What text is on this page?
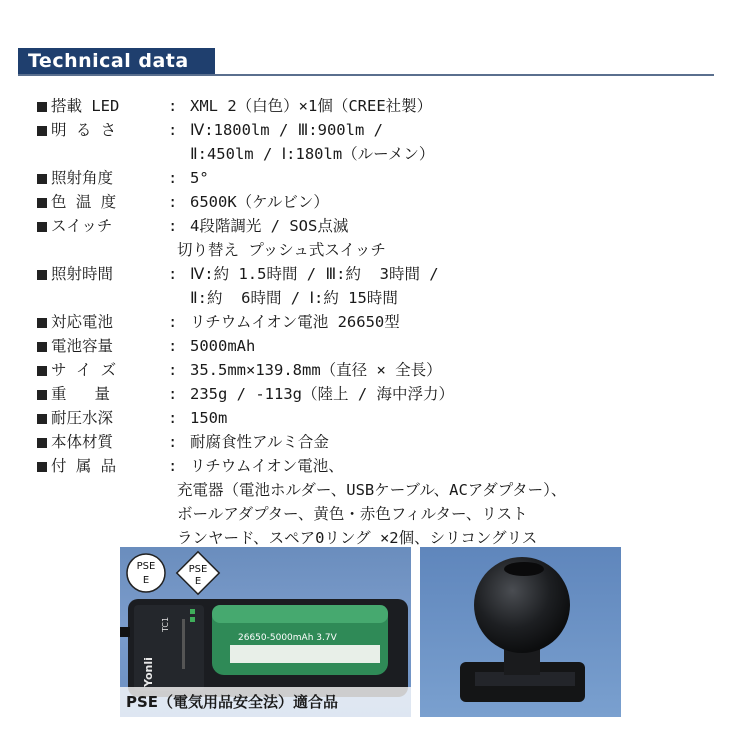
Technical data
搭載 LED	: XML 2（白色）×1個（CREE社製）
明 る さ	: Ⅳ:1800lm / Ⅲ:900lm /
Ⅱ:450lm / Ⅰ:180lm（ルーメン）
照射角度	: 5°
色 温 度	: 6500K（ケルビン）
スイッチ	: 4段階調光 / SOS点滅
切り替え プッシュ式スイッチ
照射時間	: Ⅳ:約 1.5時間 / Ⅲ:約  3時間 /
Ⅱ:約  6時間 / Ⅰ:約 15時間
対応電池	: リチウムイオン電池 26650型
電池容量	: 5000mAh
サ イ ズ	: 35.5mm×139.8mm（直径 × 全長）
重   量	: 235g / -113g（陸上 / 海中浮力）
耐圧水深	: 150m
本体材質	: 耐腐食性アルミ合金
付 属 品	: リチウムイオン電池、
充電器（電池ホルダー、USBケーブル、ACアダプター）、
ボールアダプター、黄色・赤色フィルター、リスト
ランヤード、スペア0リング ×2個、シリコングリス
PSE
E
PSE
E
Yonli
TC1
26650-5000mAh 3.7V
PSE（電気用品安全法）適合品
